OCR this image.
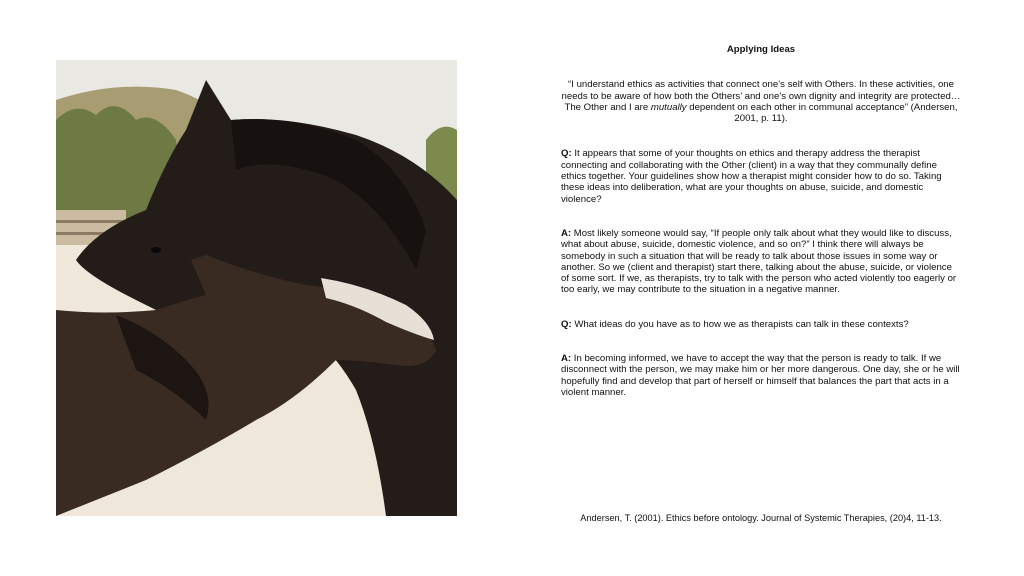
Applying Ideas
“I understand ethics as activities that connect one’s self with Others. In these activities, one needs to be aware of how both the Others’ and one’s own dignity and integrity are protected…The Other and I are mutually dependent on each other in communal acceptance” (Andersen, 2001, p. 11).
Q: It appears that some of your thoughts on ethics and therapy address the therapist connecting and collaborating with the Other (client) in a way that they communally define ethics together. Your guidelines show how a therapist might consider how to do so. Taking these ideas into deliberation, what are your thoughts on abuse, suicide, and domestic violence?
A: Most likely someone would say, “If people only talk about what they would like to discuss, what about abuse, suicide, domestic violence, and so on?” I think there will always be somebody in such a situation that will be ready to talk about those issues in some way or another. So we (client and therapist) start there, talking about the abuse, suicide, or violence of some sort. If we, as therapists, try to talk with the person who acted violently too eagerly or too early, we may contribute to the situation in a negative manner.
Q: What ideas do you have as to how we as therapists can talk in these contexts?
A: In becoming informed, we have to accept the way that the person is ready to talk. If we disconnect with the person, we may make him or her more dangerous. One day, she or he will hopefully find and develop that part of herself or himself that balances the part that acts in a violent manner.
Andersen, T. (2001). Ethics before ontology. Journal of Systemic Therapies, (20)4, 11-13.
